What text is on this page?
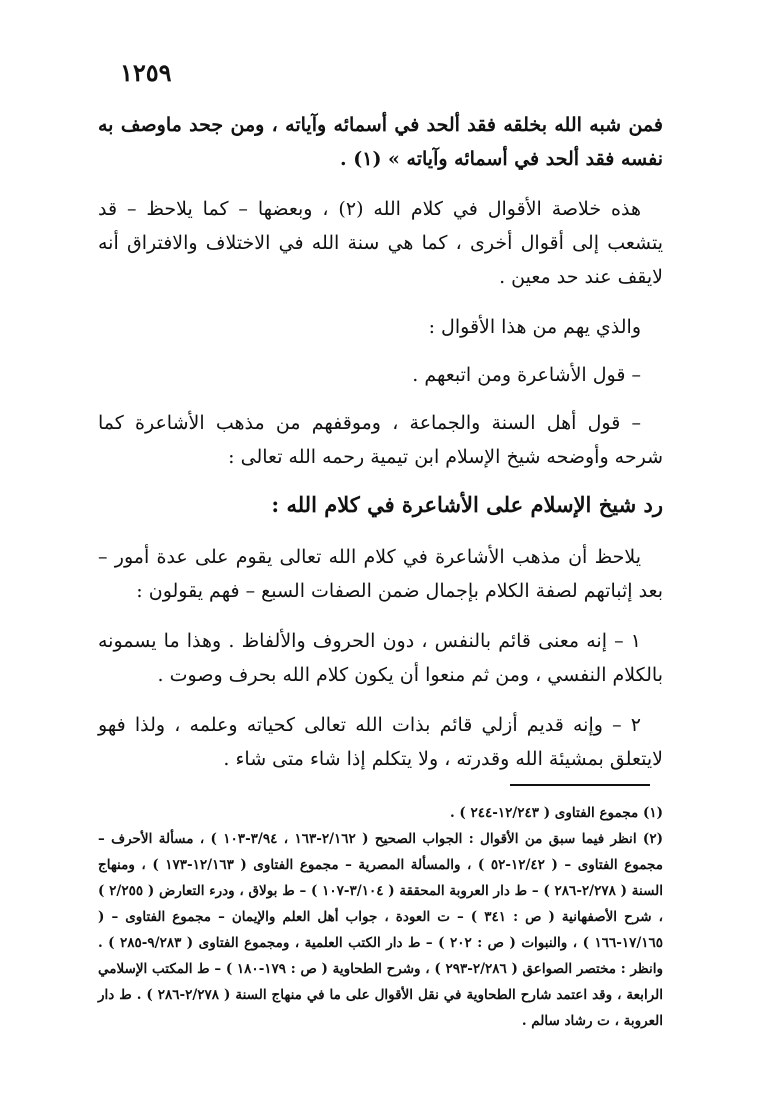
١٢٥٩

فمن شبه الله بخلقه فقد ألحد في أسمائه وآياته ، ومن جحد ماوصف به نفسه فقد ألحد في أسمائه وآياته » (١) .

هذه خلاصة الأقوال في كلام الله (٢) ، وبعضها – كما يلاحظ – قد يتشعب إلى أقوال أخرى ، كما هي سنة الله في الاختلاف والافتراق أنه لايقف عند حد معين .

والذي يهم من هذا الأقوال :

– قول الأشاعرة ومن اتبعهم .

– قول أهل السنة والجماعة ، وموقفهم من مذهب الأشاعرة كما شرحه وأوضحه شيخ الإسلام ابن تيمية رحمه الله تعالى :

رد شيخ الإسلام على الأشاعرة في كلام الله :

يلاحظ أن مذهب الأشاعرة في كلام الله تعالى يقوم على عدة أمور – بعد إثباتهم لصفة الكلام بإجمال ضمن الصفات السبع – فهم يقولون :

١ – إنه معنى قائم بالنفس ، دون الحروف والألفاظ . وهذا ما يسمونه بالكلام النفسي ، ومن ثم منعوا أن يكون كلام الله بحرف وصوت .

٢ – وإنه قديم أزلي قائم بذات الله تعالى كحياته وعلمه ، ولذا فهو لايتعلق بمشيئة الله وقدرته ، ولا يتكلم إذا شاء متى شاء .

(١) مجموع الفتاوى ( ١٢/٢٤٣-٢٤٤ ) .

(٢) انظر فيما سبق من الأقوال : الجواب الصحيح ( ٢/١٦٢-١٦٣ ، ٣/٩٤-١٠٣ ) ، مسألة الأحرف – مجموع الفتاوى – ( ١٢/٤٢-٥٢ ) ، والمسألة المصرية – مجموع الفتاوى ( ١٢/١٦٣-١٧٣ ) ، ومنهاج السنة ( ٢/٢٧٨-٢٨٦ ) – ط دار العروبة المحققة ( ٣/١٠٤-١٠٧ ) – ط بولاق ، ودرء التعارض ( ٢/٢٥٥ ) ، شرح الأصفهانية ( ص : ٣٤١ ) – ت العودة ، جواب أهل العلم والإيمان – مجموع الفتاوى – ( ١٧/١٦٥-١٦٦ ) ، والنبوات ( ص : ٢٠٢ ) – ط دار الكتب العلمية ، ومجموع الفتاوى ( ٩/٢٨٣-٢٨٥ ) . وانظر : مختصر الصواعق ( ٢/٢٨٦-٢٩٣ ) ، وشرح الطحاوية ( ص : ١٧٩-١٨٠ ) – ط المكتب الإسلامي الرابعة ، وقد اعتمد شارح الطحاوية في نقل الأقوال على ما في منهاج السنة ( ٢/٢٧٨-٢٨٦ ) . ط دار العروبة ، ت رشاد سالم .
